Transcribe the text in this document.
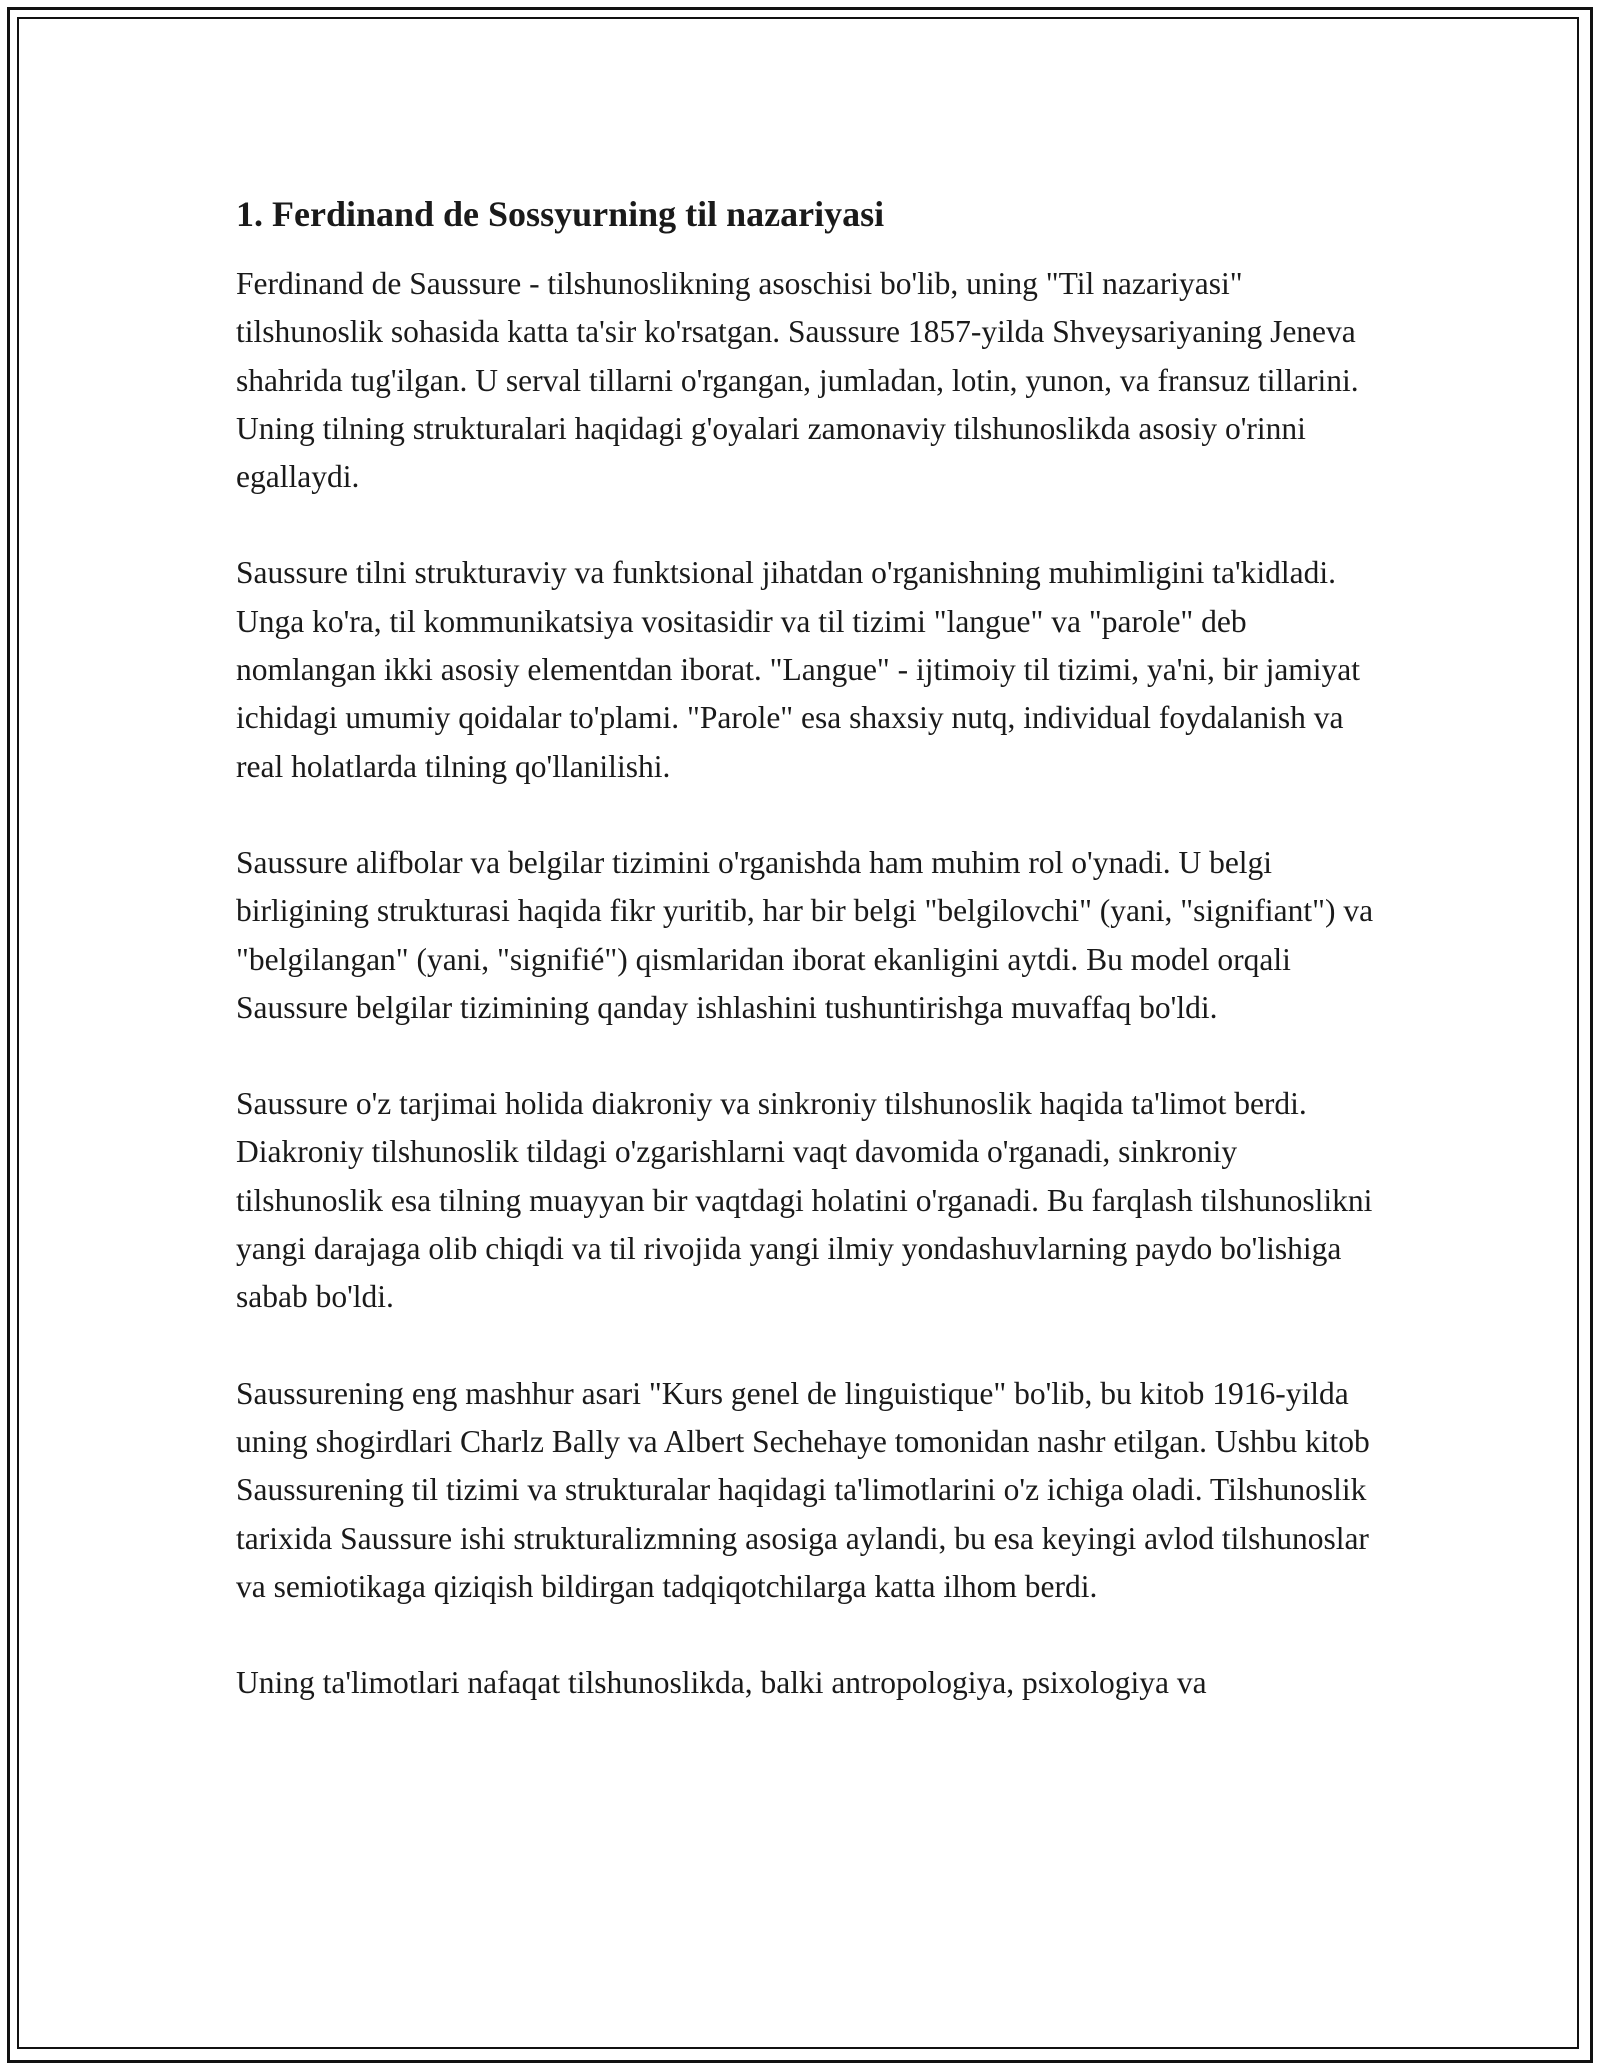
1. Ferdinand de Sossyurning til nazariyasi

Ferdinand de Saussure - tilshunoslikning asoschisi bo'lib, uning "Til nazariyasi" tilshunoslik sohasida katta ta'sir ko'rsatgan. Saussure 1857-yilda Shveysariyaning Jeneva shahrida tug'ilgan. U serval tillarni o'rgangan, jumladan, lotin, yunon, va fransuz tillarini. Uning tilning strukturalari haqidagi g'oyalari zamonaviy tilshunoslikda asosiy o'rinni egallaydi.

Saussure tilni strukturaviy va funktsional jihatdan o'rganishning muhimligini ta'kidladi. Unga ko'ra, til kommunikatsiya vositasidir va til tizimi "langue" va "parole" deb nomlangan ikki asosiy elementdan iborat. "Langue" - ijtimoiy til tizimi, ya'ni, bir jamiyat ichidagi umumiy qoidalar to'plami. "Parole" esa shaxsiy nutq, individual foydalanish va real holatlarda tilning qo'llanilishi.

Saussure alifbolar va belgilar tizimini o'rganishda ham muhim rol o'ynadi. U belgi birligining strukturasi haqida fikr yuritib, har bir belgi "belgilovchi" (yani, "signifiant") va "belgilangan" (yani, "signifié") qismlaridan iborat ekanligini aytdi. Bu model orqali Saussure belgilar tizimining qanday ishlashini tushuntirishga muvaffaq bo'ldi.

Saussure o'z tarjimai holida diakroniy va sinkroniy tilshunoslik haqida ta'limot berdi. Diakroniy tilshunoslik tildagi o'zgarishlarni vaqt davomida o'rganadi, sinkroniy tilshunoslik esa tilning muayyan bir vaqtdagi holatini o'rganadi. Bu farqlash tilshunoslikni yangi darajaga olib chiqdi va til rivojida yangi ilmiy yondashuvlarning paydo bo'lishiga sabab bo'ldi.

Saussurening eng mashhur asari "Kurs genel de linguistique" bo'lib, bu kitob 1916-yilda uning shogirdlari Charlz Bally va Albert Sechehaye tomonidan nashr etilgan. Ushbu kitob Saussurening til tizimi va strukturalar haqidagi ta'limotlarini o'z ichiga oladi. Tilshunoslik tarixida Saussure ishi strukturalizmning asosiga aylandi, bu esa keyingi avlod tilshunoslar va semiotikaga qiziqish bildirgan tadqiqotchilarga katta ilhom berdi.

Uning ta'limotlari nafaqat tilshunoslikda, balki antropologiya, psixologiya va
